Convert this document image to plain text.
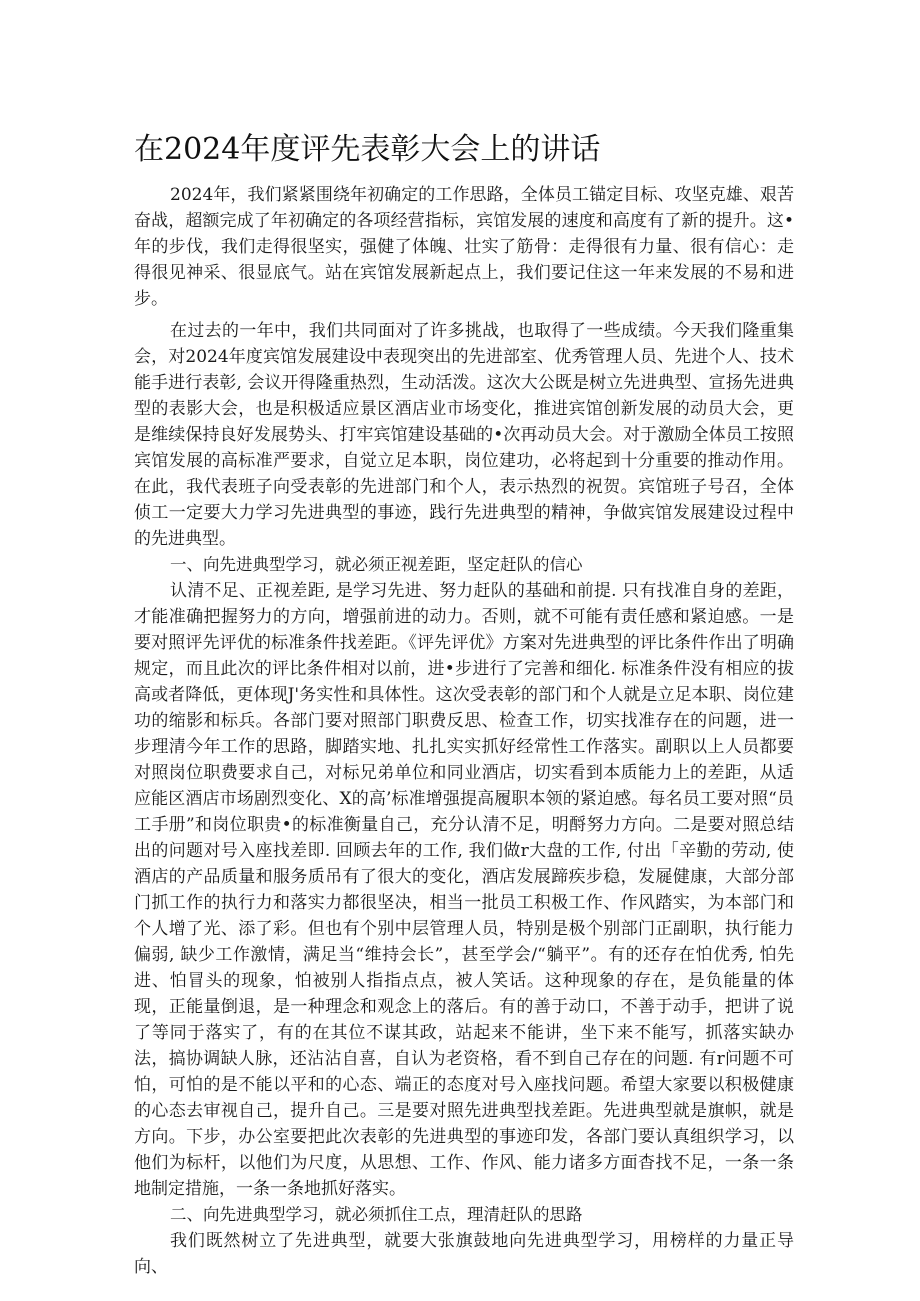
在2024年度评先表彰大会上的讲话

2024年，我们紧紧围绕年初确定的工作思路，全体员工锚定目标、攻坚克雄、艰苦奋战，超额完成了年初确定的各项经营指标，宾馆发展的速度和高度有了新的提升。这•年的步伐，我们走得很坚实，强健了体魄、壮实了筋骨：走得很有力量、很有信心：走得很见神采、很显底气。站在宾馆发展新起点上，我们要记住这一年来发展的不易和进步。

在过去的一年中，我们共同面对了许多挑战，也取得了一些成绩。今天我们隆重集会，对2024年度宾馆发展建设中表现突出的先进部室、优秀管理人员、先进个人、技术能手进行表彰, 会议开得隆重热烈，生动活泼。这次大公既是树立先进典型、宣扬先进典型的表影大会，也是积极适应景区酒店业市场变化，推进宾馆创新发展的动员大会，更是维续保持良好发展势头、打牢宾馆建设基础的•次再动员大会。对于激励全体员工按照宾馆发展的高标准严要求，自觉立足本职，岗位建功，必将起到十分重要的推动作用。在此，我代表班子向受表彰的先进部门和个人，表示热烈的祝贺。宾馆班子号召，全体侦工一定要大力学习先进典型的事迹，践行先进典型的精神，争做宾馆发展建设过程中的先进典型。

一、向先进典型学习，就必须正视差距，坚定赶队的信心

认清不足、正视差距, 是学习先进、努力赶队的基础和前提. 只有找准自身的差距，才能准确把握努力的方向，增强前进的动力。否则，就不可能有责任感和紧迫感。一是要对照评先评优的标准条件找差距。《评先评优》方案对先进典型的评比条件作出了明确规定，而且此次的评比条件相对以前，进•步进行了完善和细化. 标准条件没有相应的拔高或者降低，更体现J'务实性和具体性。这次受表彰的部门和个人就是立足本职、岗位建功的缩影和标兵。各部门要对照部门职费反思、检查工作，切实找准存在的问题，进一步理清今年工作的思路，脚踏实地、扎扎实实抓好经常性工作落实。副职以上人员都要对照岗位职费要求自己，对标兄弟单位和同业酒店，切实看到本质能力上的差距，从适应能区酒店市场剧烈变化、X的高’标准增强提高履职本领的紧迫感。每名员工要对照“员工手册”和岗位职贵•的标准衡量自己，充分认清不足，明酹努力方向。二是要对照总结出的问题对号入座找差即. 回顾去年的工作, 我们做r大盘的工作, 付出「辛勤的劳动, 使酒店的产品质量和服务质吊有了很大的变化，酒店发展蹄疾步稳，发屣健康，大部分部门抓工作的执行力和落实力都很坚决，相当一批员工积极工作、作风踏实，为本部门和个人增了光、添了彩。但也有个别中层管理人员，特别是极个别部门正副职，执行能力偏弱, 缺少工作激情，满足当“维持会长”，甚至学会/“躺平”。有的还存在怕优秀, 怕先进、怕冒头的现象，怕被别人指指点点，被人笑话。这种现象的存在，是负能量的体现，正能量倒退，是一种理念和观念上的落后。有的善于动口，不善于动手，把讲了说了等同于落实了，有的在其位不谋其政，站起来不能讲，坐下来不能写，抓落实缺办法，搞协调缺人脉，还沾沾自喜，自认为老资格，看不到自己存在的问题. 有r问题不可怕，可怕的是不能以平和的心态、端正的态度对号入座找问题。希望大家要以积极健康的心态去审视自己，提升自己。三是要对照先进典型找差距。先进典型就是旗帜，就是方向。下步，办公室要把此次表彰的先进典型的事迹印发，各部门要认真组织学习，以他们为标杆，以他们为尺度，从思想、工作、作风、能力诸多方面杳找不足，一条一条地制定措施，一条一条地抓好落实。

二、向先进典型学习，就必须抓住工点，理清赶队的思路

我们既然树立了先进典型，就要大张旗鼓地向先进典型学习，用榜样的力量正导向、
